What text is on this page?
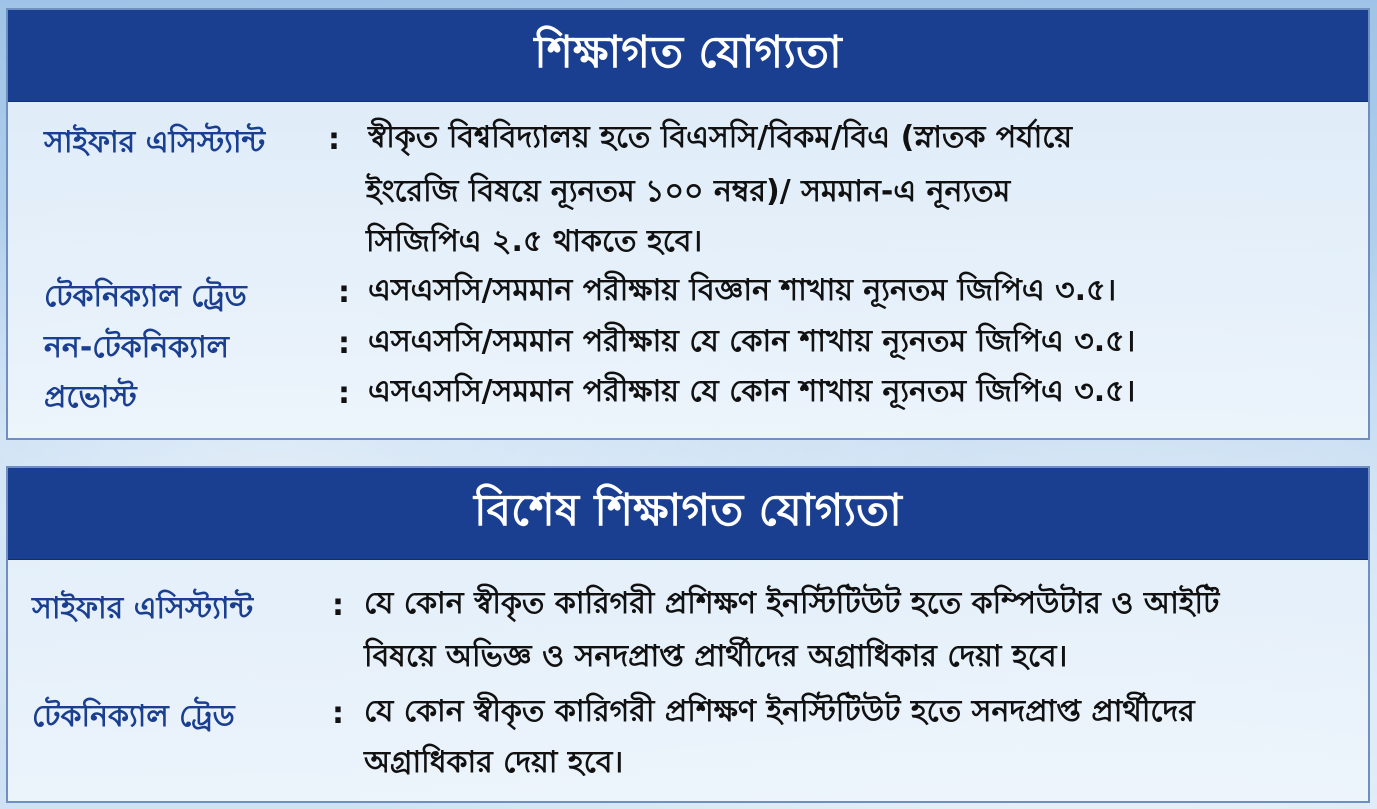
শিক্ষাগত যোগ্যতা
সাইফার এসিস্ট্যান্ট : স্বীকৃত বিশ্ববিদ্যালয় হতে বিএসসি/বিকম/বিএ (স্নাতক পর্যায়ে
ইংরেজি বিষয়ে ন্যূনতম ১০০ নম্বর)/ সমমান-এ নূন্যতম
সিজিপিএ ২.৫ থাকতে হবে।
টেকনিক্যাল ট্রেড	: এসএসসি/সমমান পরীক্ষায় বিজ্ঞান শাখায় ন্যূনতম জিপিএ ৩.৫।
নন-টেকনিক্যাল	: এসএসসি/সমমান পরীক্ষায় যে কোন শাখায় ন্যূনতম জিপিএ ৩.৫।
প্রভোস্ট	: এসএসসি/সমমান পরীক্ষায় যে কোন শাখায় ন্যূনতম জিপিএ ৩.৫।
বিশেষ শিক্ষাগত যোগ্যতা
সাইফার এসিস্ট্যান্ট	: যে কোন স্বীকৃত কারিগরী প্রশিক্ষণ ইনস্টিটিউট হতে কম্পিউটার ও আইটি
বিষয়ে অভিজ্ঞ ও সনদপ্রাপ্ত প্রার্থীদের অগ্রাধিকার দেয়া হবে।
টেকনিক্যাল ট্রেড	: যে কোন স্বীকৃত কারিগরী প্রশিক্ষণ ইনস্টিটিউট হতে সনদপ্রাপ্ত প্রার্থীদের
অগ্রাধিকার দেয়া হবে।
